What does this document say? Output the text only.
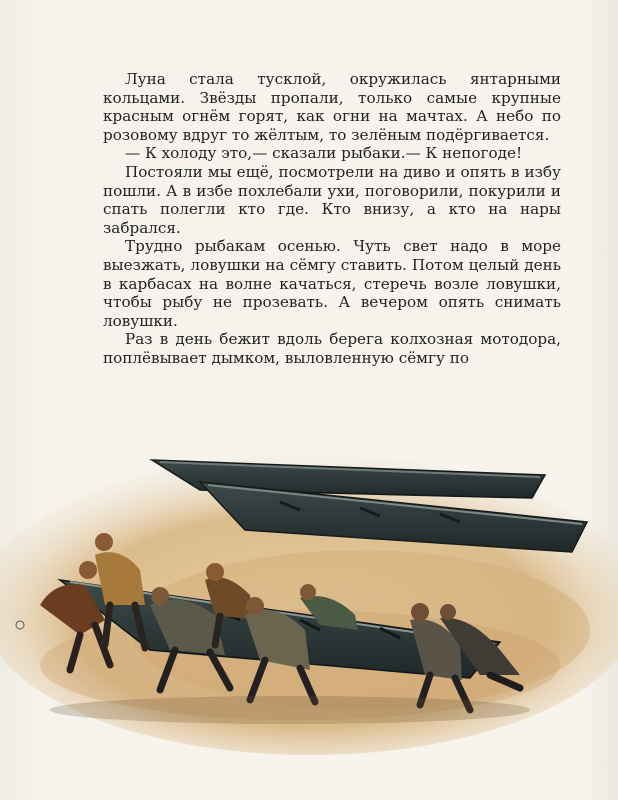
Луна стала тусклой, окружилась янтарными кольцами. Звёзды пропали, только самые крупные красным огнём горят, как огни на мачтах. А небо по розовому вдруг то жёлтым, то зелёным подёргивается.

— К холоду это,— сказали рыбаки.— К непогоде!

Постояли мы ещё, посмотрели на диво и опять в избу пошли. А в избе похлебали ухи, поговорили, покурили и спать полегли кто где. Кто внизу, а кто на нары забрался.

Трудно рыбакам осенью. Чуть свет надо в море выезжать, ловушки на сёмгу ставить. Потом целый день в карбасах на волне качаться, стеречь возле ловушки, чтобы рыбу не прозевать. А вечером опять снимать ловушки.

Раз в день бежит вдоль берега колхозная мотодора, поплёвывает дымком, выловленную сёмгу по
